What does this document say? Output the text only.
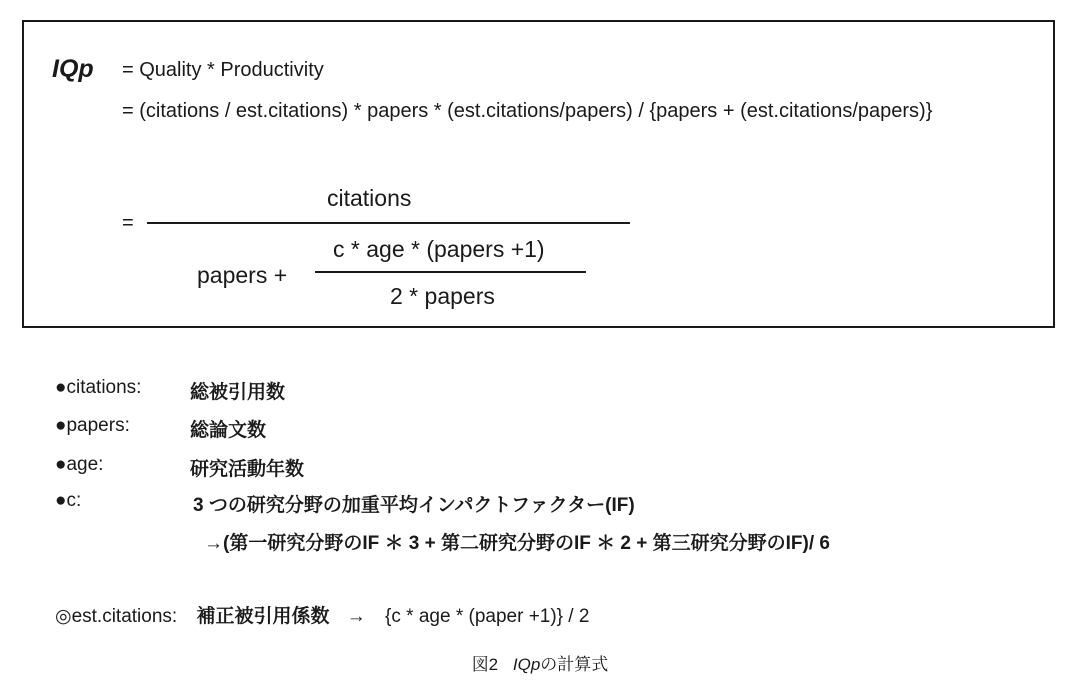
IQp = Quality * Productivity
= (citations / est.citations) * papers * (est.citations/papers) / {papers + (est.citations/papers)}
=
citations
papers +
c * age * (papers +1)
2 * papers
●citations:	総被引用数
●papers:	総論文数
●age:	研究活動年数
●c:	3 つの研究分野の加重平均インパクトファクター(IF)
→(第一研究分野のIF ＊ 3 + 第二研究分野のIF ＊ 2 + 第三研究分野のIF)/ 6
◎est.citations: 補正被引用係数 → {c * age * (paper +1)} / 2
図2 IQpの計算式
